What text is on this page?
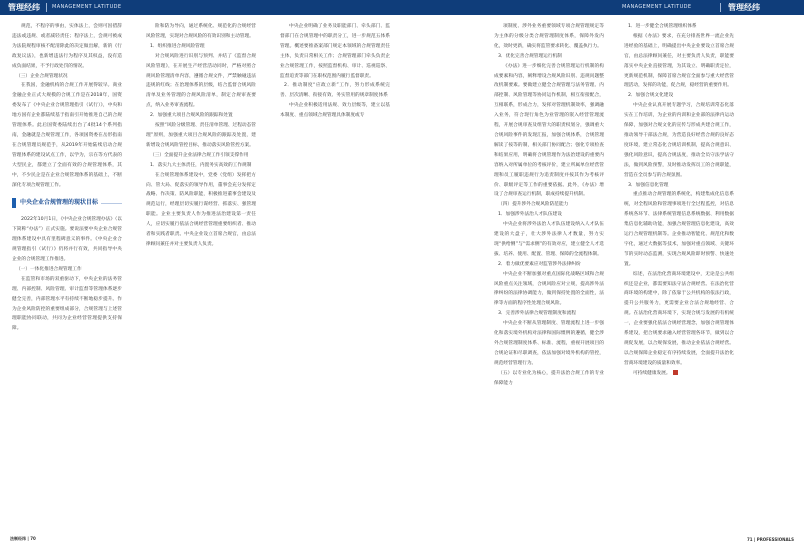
管理经纬 MANAGEMENT LATITUDE

规范，不程序的事由，实体法上，会则可因措辞违法或违规、或者减轻责任；程序法上，会规可被成为法院规程审核不配清除此的决定做出解，新的《行政复议法》，也新增违法行为程序及其权益，没有造成负面结果，不予行政处罚的情况。

（三）企业合规管理状况

在我国，金融机构的合规工作开展得较早。商业金融企业正式大规模的合规工作是在2018年，国资委发布了《中央企业合规管理指引（试行）》，中央和地方国有企业都陆续基于指南引开始推进自己的合规管理体系。此后国资委陆续出台了4批14个系列指南，金融就是合规管理工作，各项国资委在岳形指南在合规管理员规范手，从2019年开始陆续启动合规管理体系的建设试点工作，以学为，宗在等方代表的大型民企，都建立了全面有效的合规管理体系，其中，不少民企是在企业合规管理体系的基础上，不断深化专项合规管理工作。

中央企业合规管理的现状目标

2022年10月1日，《中央企业合规管理办法》（以下简称“办法”）正式实施。要说法要中央企业合规管理体系建设中具有里程碑意义的事件。《中央企业合规管理指引（试行）》仍将并行有效，共同指导中央企业的合规管理工作推进。

（一）一体化推进合规管理工作

在监管和市场的双重驱动下，中央企业的法务管理、内部控制、风险管理、审计监督等管理体系逐步健全完善，内部管理水平有持续不断地稳步提升。作为企业风险防控的重要组成部分，合规管理与上述管理职能协同联动，共同为企业经营管理提供支持保障。

险和防为导向，通过系统化、规范化的合规经营风险管理，实现对合规风险的有效识别和主动管理。

1．组织推进合规风险管理

对合规风险进行识别与预判、并结了《监督合规风险管理》，在开展生产经营活动同时，严格对照合规风险管理清单内容，遵循合规文件，严禁触碰违法违规的红线；在治理体系的层级，结合监督合规风险清单及业务管理的合规风险清单，制定合规审查要点，纳入业务审查流程。

2．加强重大项目合规风险的跟踪和处置

按照“风险分级管理、责任清单管理、过程动态管理”原则，加强重大项目合规风险的跟踪及处置，建新增设合规风险管控目标，推动落实风险管控方案。

（三）全面提升企业法律合规工作引领支撑作用

1．落实九大主体责任，内置务实高效的工作规制

在合规管理体系建设中，党委（党组）发挥把方向、管大局、促落实的领导作用，董事会充分发挥定战略、作决策、防风险职能，积极推进董事会建设及规范运行，经理层切实履行谋经营、抓落实、强管理职能。企业主要负责人作为推进法治建设第一责任人，应切实履行依法合规经营管理重要组织者、推动者和实践者职责。中央企业设立首席合规官，由总法律顾问兼任并对主要负责人负责。

中央企业明确了业务及职能部门、牵头部门、监督部门在合规管理中的职责分工，进一步规范五体系管理。概述要推备案部门规定本领域的合规管理责任主体，负责日常相关工作；合规管理部门牵头负责企业合规管理工作，按照监督机构、审计、巡视巡察、监督追责等部门在职权范围内履行监督职责。

2．推动制度“应政立新”工作，努力形成系统完善、层次清晰、衔接有效、务实管用的规章制度体系

中央企业积极适用法规、效力层级等，建立以基本制度、重点领域合规管理具体制度或专

法制经纬 | 70
MANAGEMENT LATITUDE	管理经纬

项制度、涉外业务重要领域专项合规管理规定等为主体的分级分类合规管理制度体系，保障外发内化，效时更新，确实将监管要求转化、覆盖执行力。

3．优化完善合规管理运行机制

《办法》进一步细化完善合规管理运行机制的构成要素和内容，阐释增设合规风险识别、违规问题整改机制要素。要做建立健全合规管理与法务管理、内部控制、风险管理等协同运作机制，相互衔接配合，互相联系，形成合力，发挥对管理机制效率，强调融入业务，符合现行角色为业管理的嵌入经营管理流程，开展合规审查及组管大的职责权划分，强调重大合规风险事件的发现汇报，加强合规体系，合规管理解读了按等的制，相关部门协同配合；强化专项检查和结果应用，明确将合规管理作为法治建设的重要内容纳入对所属单位的考核评价，建立所属单位经营管理和员工履职违规行为追责制度并按其作为考核评价、职级评定等工作的重要依据。此外，《办法》增设了合规审查运行机制，职成持续提升机制。

（四）提升涉外合规风险防范能力

1．加强涉外法治人才队伍建设

中央企业将涉外法治人才队伍建设纳入人才队伍建设的大盘子，壮大涉外法律人才数量，努力实现“供给侧”与“需求侧”的有效对应，建立健全人才选拔、培养、使用、配置、管理、保障的全流程体制。

2．着力做优要素应对监管涉外法律纠纷

中央企业不断加强对重点国际化战略区域和合规风险重点关注领域，合规风险应对立规，提高涉外法律纠纷的法律协调能力，做到保持处置的全面性，法律等方面的程序性处理合规风险。

3．完善涉外法律合规管理制度和流程

中央企业不断从管理制度、管理流程上进一步强化和落实境外机构对法律和国际惯例的遵循，健全涉外合规管理制度体系、标准、流程，重视开展项目的合规论证和尽职调查，依法加强对境外机构的管控，规范经营管理行为。

（五）以专业化为核心，提升法治合规工作的专业保障能力

1．进一步健全合规管理组织体系

根据《办法》要求，在充分排查世界一流企业先进经验的基础上，明确提出中央企业要设立首席合规官，由总法律顾问兼任，对主要负责人负责，职能要落实中央企业直接管理，为其设立、明确职责定位，更新规范机制，保障首席合规官全面参与重大经营管理活动，发挥的功能，促合规，稳经营的重要作用。

2．加强合规文化建设

中央企业认真开展专题学习，合规培训常态化落实在工作培训，为企业的内训和企业部的法律内运动保障，加强对合规文化的宣传与形成共建合规工作，推动领导干部法合规，为营造良好经营合规的良好态度环境，建立常态化合规培训机制，提高合规意识、强化风险意识，提高合规法度，推动全员守法学法守法，做到风险预警，及时推动发挥员工的合规职能，营造在全员参与的合规氛围。

3．加强信息化管理

重点推动合规管理的系统化，构建集成化信息系统，对全程风险和管理事项进行全过程监控，对信息系统各环节、法律系统管理信息系统数据、利用数据集信息化辅助功能，加强合规管理信息化建设，高效运行合规管理机制等。企业推动智能化、规范化和数字化，通过大数据等技术，加强对重点领域、关键环节的实时动态监测，实现合规风险即时预警、快速处置。

综述，在法治化营商环境建设中，无论是公共组织还是企业，都需要知法守法合规经营。在法治化营商环境的构建中，除了依靠于公共机构的依法行政，提升公共服务力，更需要企业合法合规地经营、合规。在法治化营商环境下，实现合规与发展的有机统一，企业要强化依法合规经营理念，加强合规管理体系建设，把合规要求融入经营管理各环节，做到以合规促发展，以合规保发展，推动企业依法合规经营。以合规保障企业稳定有序持续发展，全面提升法治化营商环境建设的质量和效率。

可持续健康发展。

71 | PROFESSIONALS
